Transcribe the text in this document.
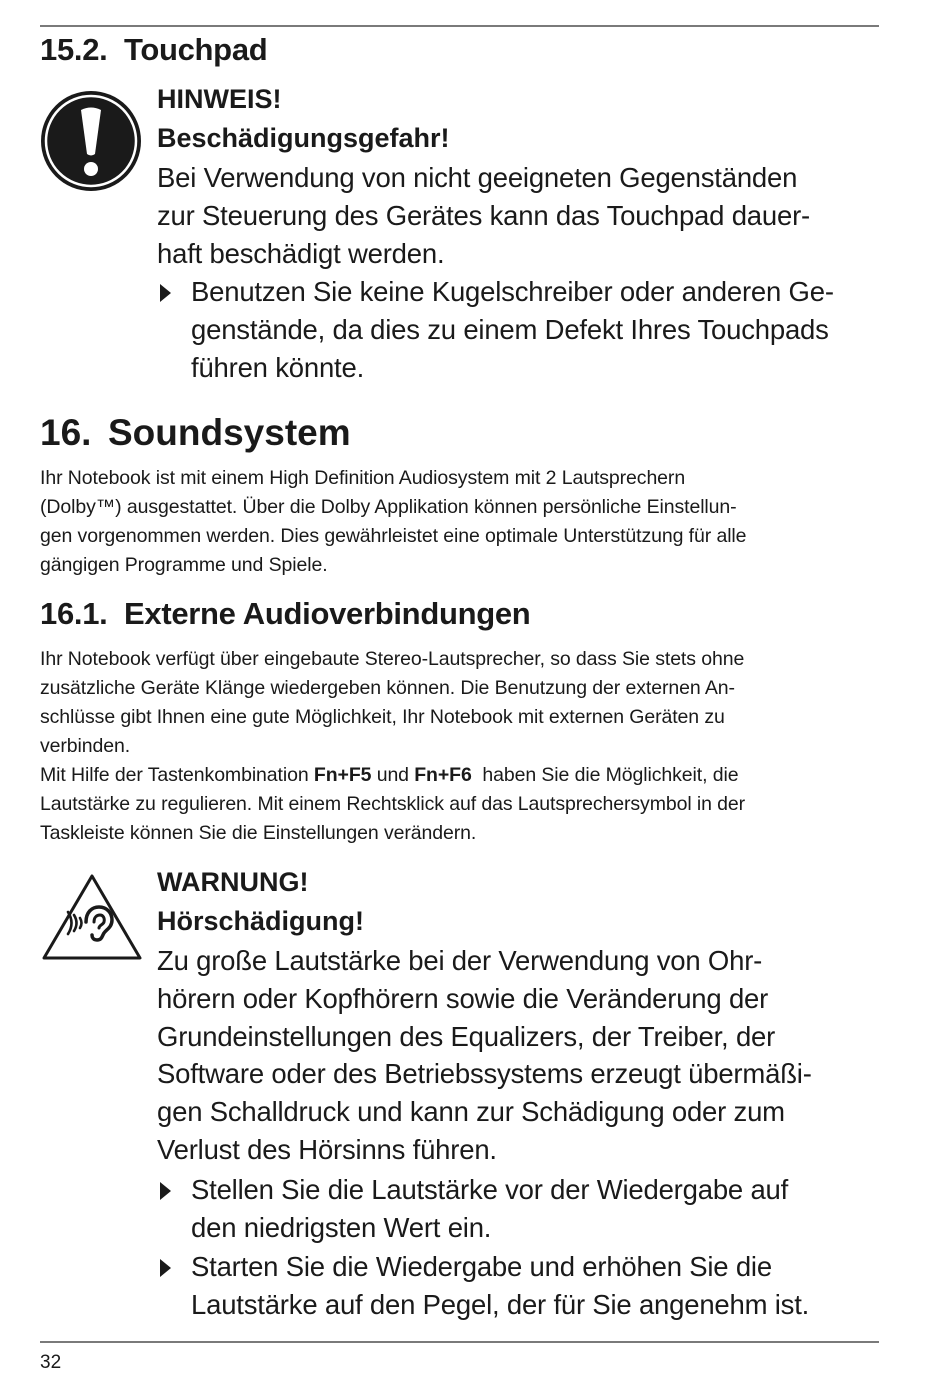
15.2. Touchpad
HINWEIS!
Beschädigungsgefahr!
Bei Verwendung von nicht geeigneten Gegenständen
zur Steuerung des Gerätes kann das Touchpad dauer-
haft beschädigt werden.
Benutzen Sie keine Kugelschreiber oder anderen Ge-
genstände, da dies zu einem Defekt Ihres Touchpads
führen könnte.
16. Soundsystem
Ihr Notebook ist mit einem High Definition Audiosystem mit 2 Lautsprechern
(Dolby™) ausgestattet. Über die Dolby Applikation können persönliche Einstellun-
gen vorgenommen werden. Dies gewährleistet eine optimale Unterstützung für alle
gängigen Programme und Spiele.
16.1. Externe Audioverbindungen
Ihr Notebook verfügt über eingebaute Stereo-Lautsprecher, so dass Sie stets ohne
zusätzliche Geräte Klänge wiedergeben können. Die Benutzung der externen An-
schlüsse gibt Ihnen eine gute Möglichkeit, Ihr Notebook mit externen Geräten zu
verbinden.
Mit Hilfe der Tastenkombination Fn+F5 und Fn+F6  haben Sie die Möglichkeit, die
Lautstärke zu regulieren. Mit einem Rechtsklick auf das Lautsprechersymbol in der
Taskleiste können Sie die Einstellungen verändern.
WARNUNG!
Hörschädigung!
Zu große Lautstärke bei der Verwendung von Ohr-
hörern oder Kopfhörern sowie die Veränderung der
Grundeinstellungen des Equalizers, der Treiber, der
Software oder des Betriebssystems erzeugt übermäßi-
gen Schalldruck und kann zur Schädigung oder zum
Verlust des Hörsinns führen.
Stellen Sie die Lautstärke vor der Wiedergabe auf
den niedrigsten Wert ein.
Starten Sie die Wiedergabe und erhöhen Sie die
Lautstärke auf den Pegel, der für Sie angenehm ist.
32
